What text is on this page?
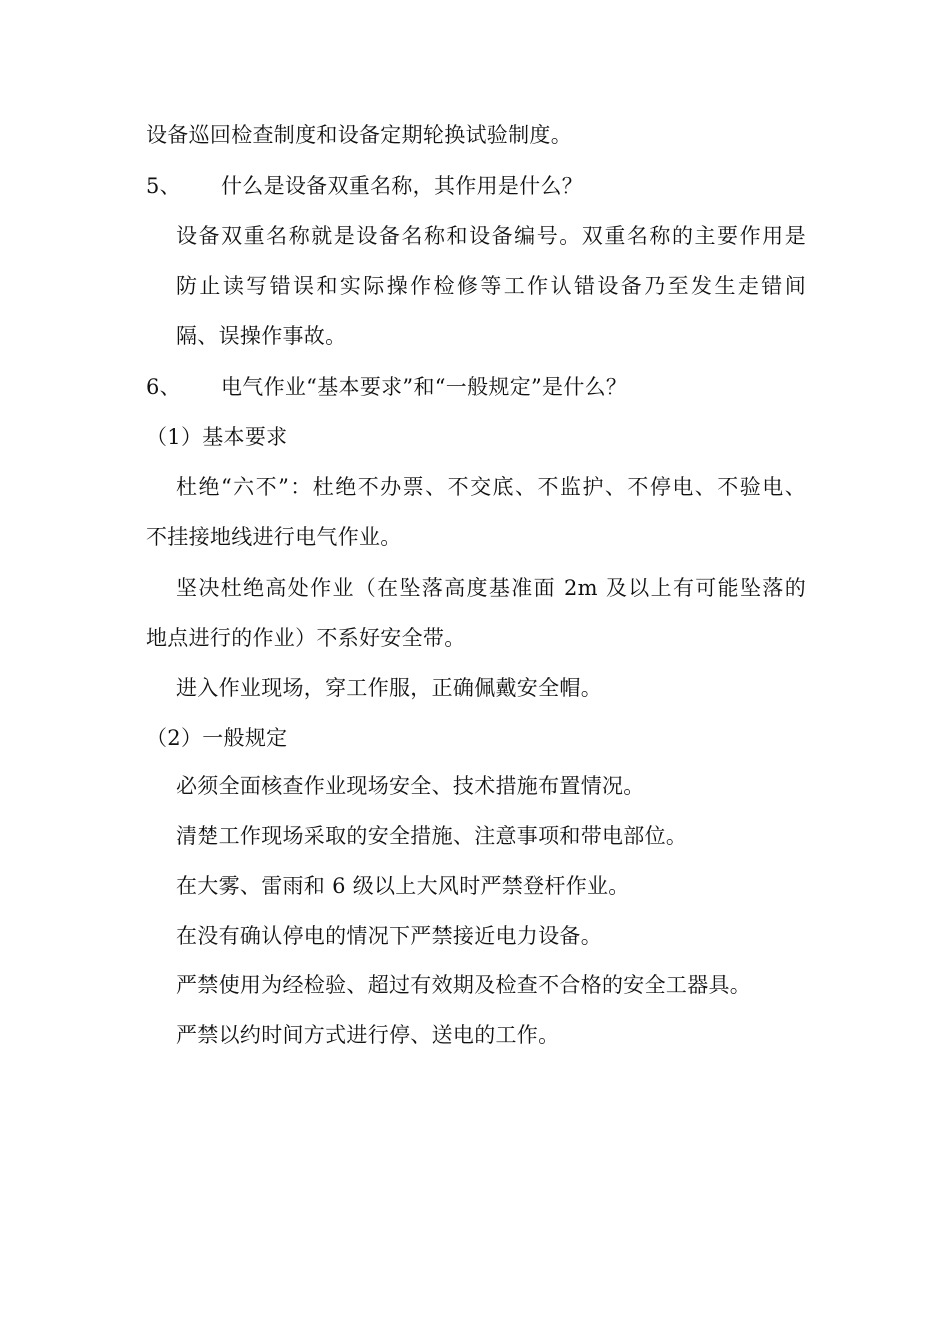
设备巡回检查制度和设备定期轮换试验制度。
5、 什么是设备双重名称，其作用是什么？
设备双重名称就是设备名称和设备编号。双重名称的主要作用是
防止读写错误和实际操作检修等工作认错设备乃至发生走错间
隔、误操作事故。
6、 电气作业“基本要求”和“一般规定”是什么？
（1）基本要求
杜绝“六不”：杜绝不办票、不交底、不监护、不停电、不验电、
不挂接地线进行电气作业。
坚决杜绝高处作业（在坠落高度基准面 2m 及以上有可能坠落的
地点进行的作业）不系好安全带。
进入作业现场，穿工作服，正确佩戴安全帽。
（2）一般规定
必须全面核查作业现场安全、技术措施布置情况。
清楚工作现场采取的安全措施、注意事项和带电部位。
在大雾、雷雨和 6 级以上大风时严禁登杆作业。
在没有确认停电的情况下严禁接近电力设备。
严禁使用为经检验、超过有效期及检查不合格的安全工器具。
严禁以约时间方式进行停、送电的工作。
